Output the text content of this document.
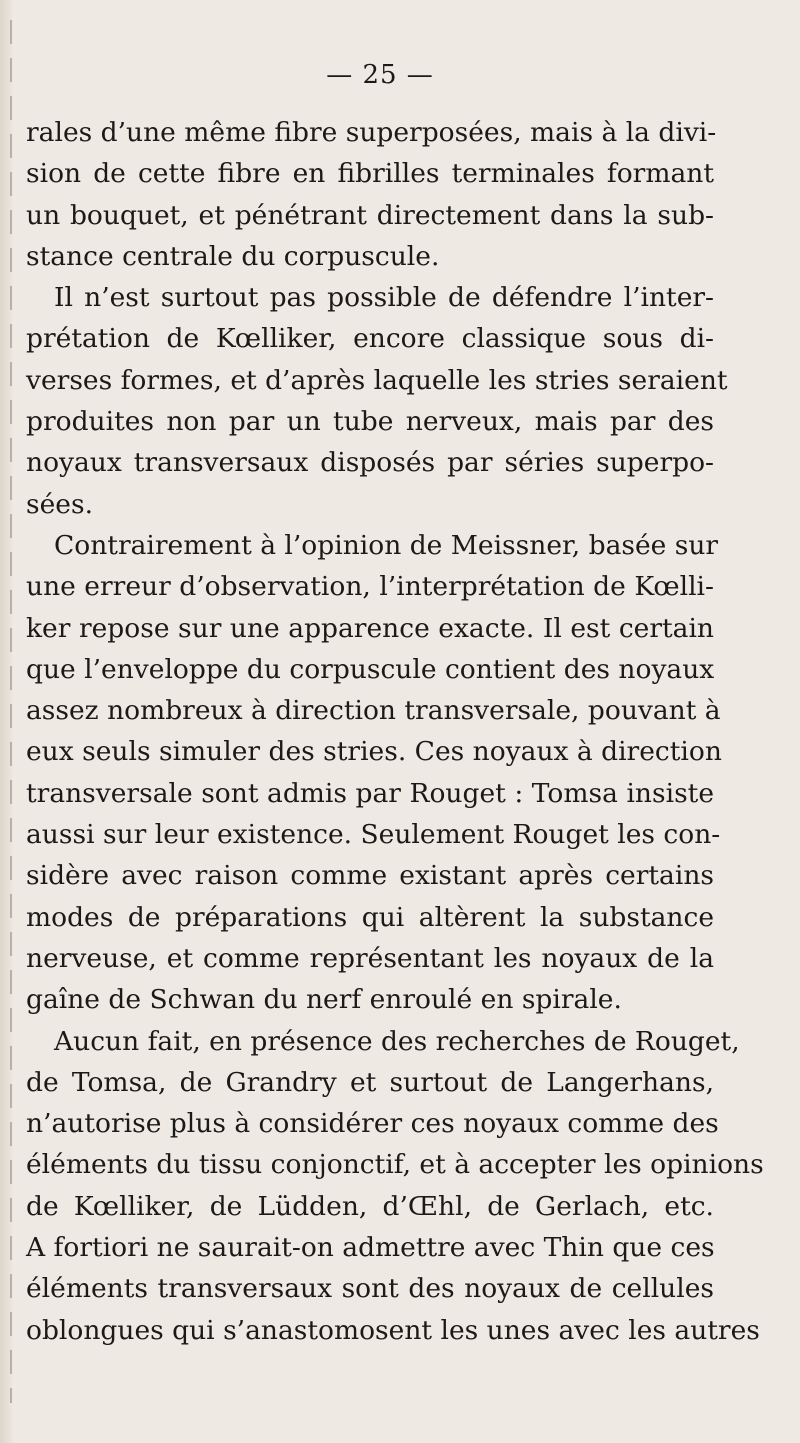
— 25 —
rales d’une même fibre superposées, mais à la divi-
sion de cette fibre en fibrilles terminales formant
un bouquet, et pénétrant directement dans la sub-
stance centrale du corpuscule.
Il n’est surtout pas possible de défendre l’inter-
prétation de Kœlliker, encore classique sous di-
verses formes, et d’après laquelle les stries seraient
produites non par un tube nerveux, mais par des
noyaux transversaux disposés par séries superpo-
sées.
Contrairement à l’opinion de Meissner, basée sur
une erreur d’observation, l’interprétation de Kœlli-
ker repose sur une apparence exacte. Il est certain
que l’enveloppe du corpuscule contient des noyaux
assez nombreux à direction transversale, pouvant à
eux seuls simuler des stries. Ces noyaux à direction
transversale sont admis par Rouget : Tomsa insiste
aussi sur leur existence. Seulement Rouget les con-
sidère avec raison comme existant après certains
modes de préparations qui altèrent la substance
nerveuse, et comme représentant les noyaux de la
gaîne de Schwan du nerf enroulé en spirale.
Aucun fait, en présence des recherches de Rouget,
de Tomsa, de Grandry et surtout de Langerhans,
n’autorise plus à considérer ces noyaux comme des
éléments du tissu conjonctif, et à accepter les opinions
de Kœlliker, de Lüdden, d’Œhl, de Gerlach, etc.
A fortiori ne saurait-on admettre avec Thin que ces
éléments transversaux sont des noyaux de cellules
oblongues qui s’anastomosent les unes avec les autres
